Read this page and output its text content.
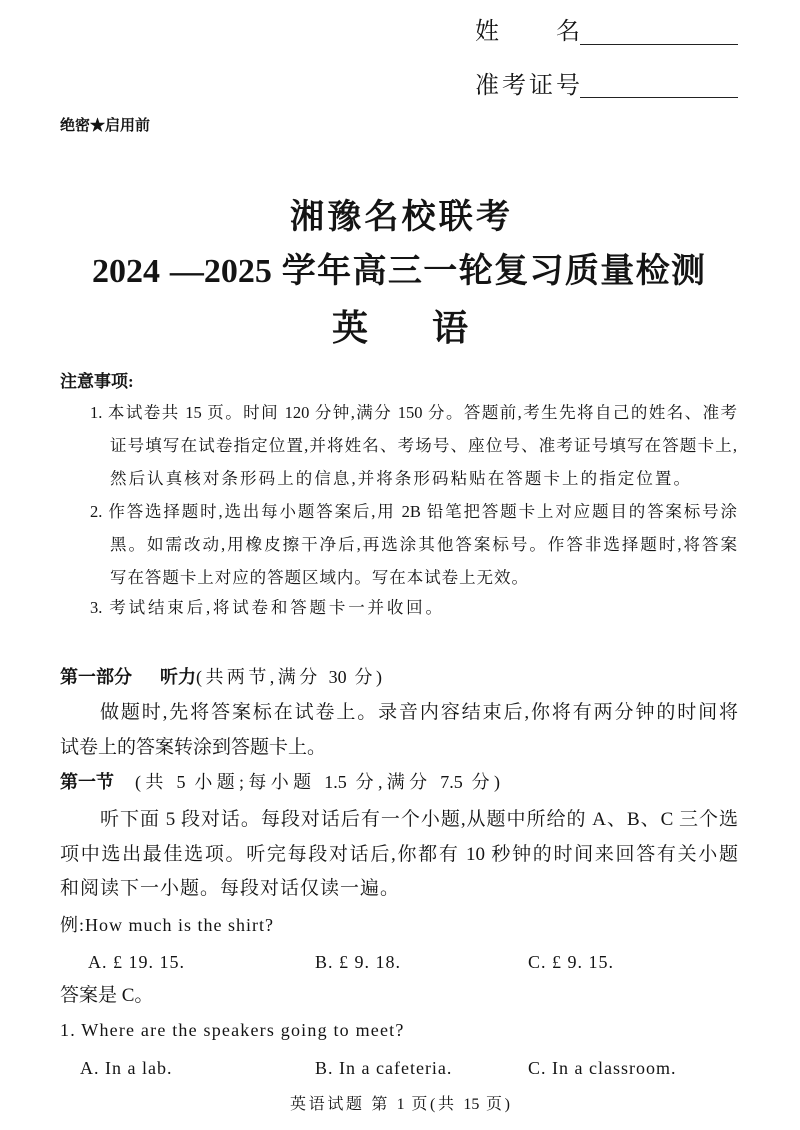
姓名
准考证号
绝密★启用前
湘豫名校联考
2024 —2025 学年高三一轮复习质量检测
英语
注意事项:
1. 本试卷共 15 页。时间 120 分钟,满分 150 分。答题前,考生先将自己的姓名、准考
证号填写在试卷指定位置,并将姓名、考场号、座位号、准考证号填写在答题卡上,
然后认真核对条形码上的信息,并将条形码粘贴在答题卡上的指定位置。
2. 作答选择题时,选出每小题答案后,用 2B 铅笔把答题卡上对应题目的答案标号涂
黑。如需改动,用橡皮擦干净后,再选涂其他答案标号。作答非选择题时,将答案
写在答题卡上对应的答题区域内。写在本试卷上无效。
3. 考试结束后,将试卷和答题卡一并收回。
第一部分 听力(共两节,满分 30 分)
做题时,先将答案标在试卷上。录音内容结束后,你将有两分钟的时间将
试卷上的答案转涂到答题卡上。
第一节 (共 5 小题;每小题 1.5 分,满分 7.5 分)
听下面 5 段对话。每段对话后有一个小题,从题中所给的 A、B、C 三个选
项中选出最佳选项。听完每段对话后,你都有 10 秒钟的时间来回答有关小题
和阅读下一小题。每段对话仅读一遍。
例:How much is the shirt?
A. £ 19. 15.	B. £ 9. 18.	C. £ 9. 15.
答案是 C。
1. Where are the speakers going to meet?
A. In a lab.	B. In a cafeteria.	C. In a classroom.
英语试题 第 1 页(共 15 页)
